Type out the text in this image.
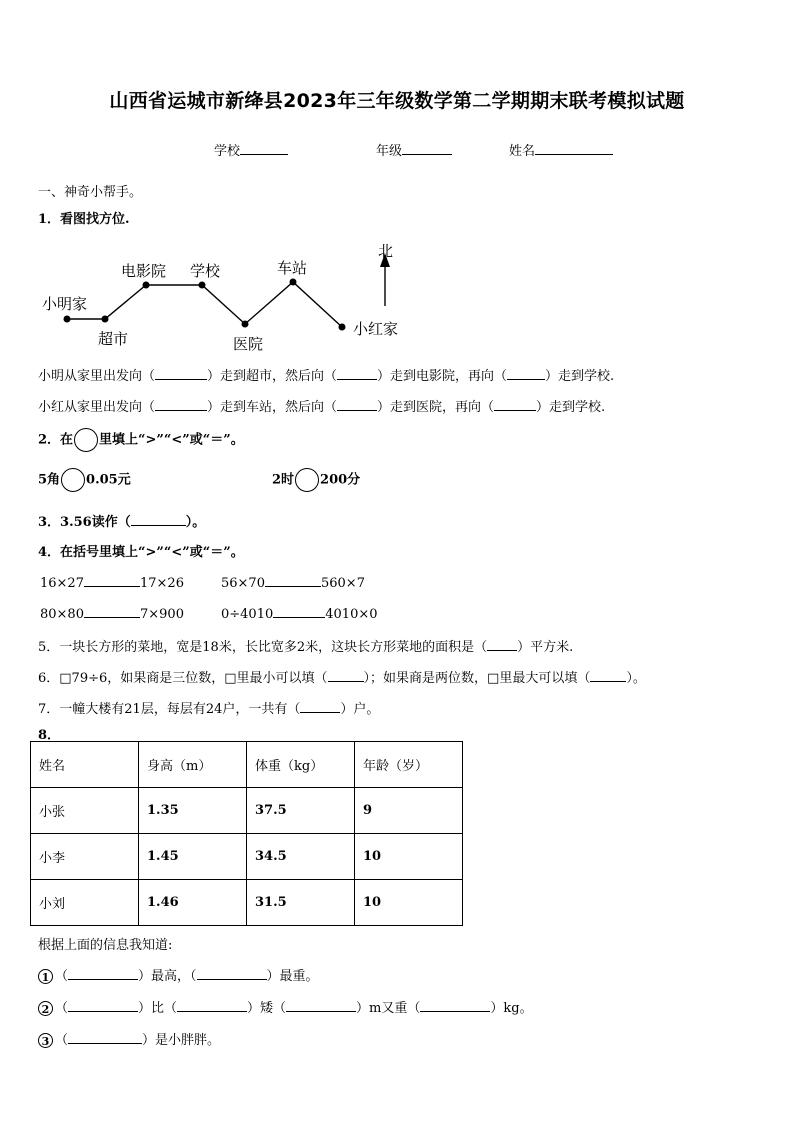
山西省运城市新绛县2023年三年级数学第二学期期末联考模拟试题
学校	年级	姓名
一、神奇小帮手。
1．看图找方位.
北
小明家
超市
电影院 学校
医院
车站
小红家
小明从家里出发向（	）走到超市，然后向（	）走到电影院，再向（	）走到学校.
小红从家里出发向（	）走到车站，然后向（	）走到医院，再向（	）走到学校.
2．在 里填上“>”“<”或“＝”。
5角 0.05元	2时 200分
3．3.56读作（	）。
4．在括号里填上“>”“<”或“＝”。
16×27	17×26	56×70	560×7
80×80	7×900	0÷4010	4010×0
5．一块长方形的菜地，宽是18米，长比宽多2米，这块长方形菜地的面积是（ ）平方米.
6．□79÷6，如果商是三位数，□里最小可以填（	）；如果商是两位数，□里最大可以填（	）。
7．一幢大楼有21层，每层有24户，一共有（	）户。
8．
姓名	身高（m）	体重（kg）	年龄（岁）
小张	1.35	37.5	9
小李	1.45	34.5	10
小刘	1.46	31.5	10
根据上面的信息我知道:
1 （	）最高，（	）最重。
2 （	）比（	）矮（	）m又重（	）kg。
3 （	）是小胖胖。
